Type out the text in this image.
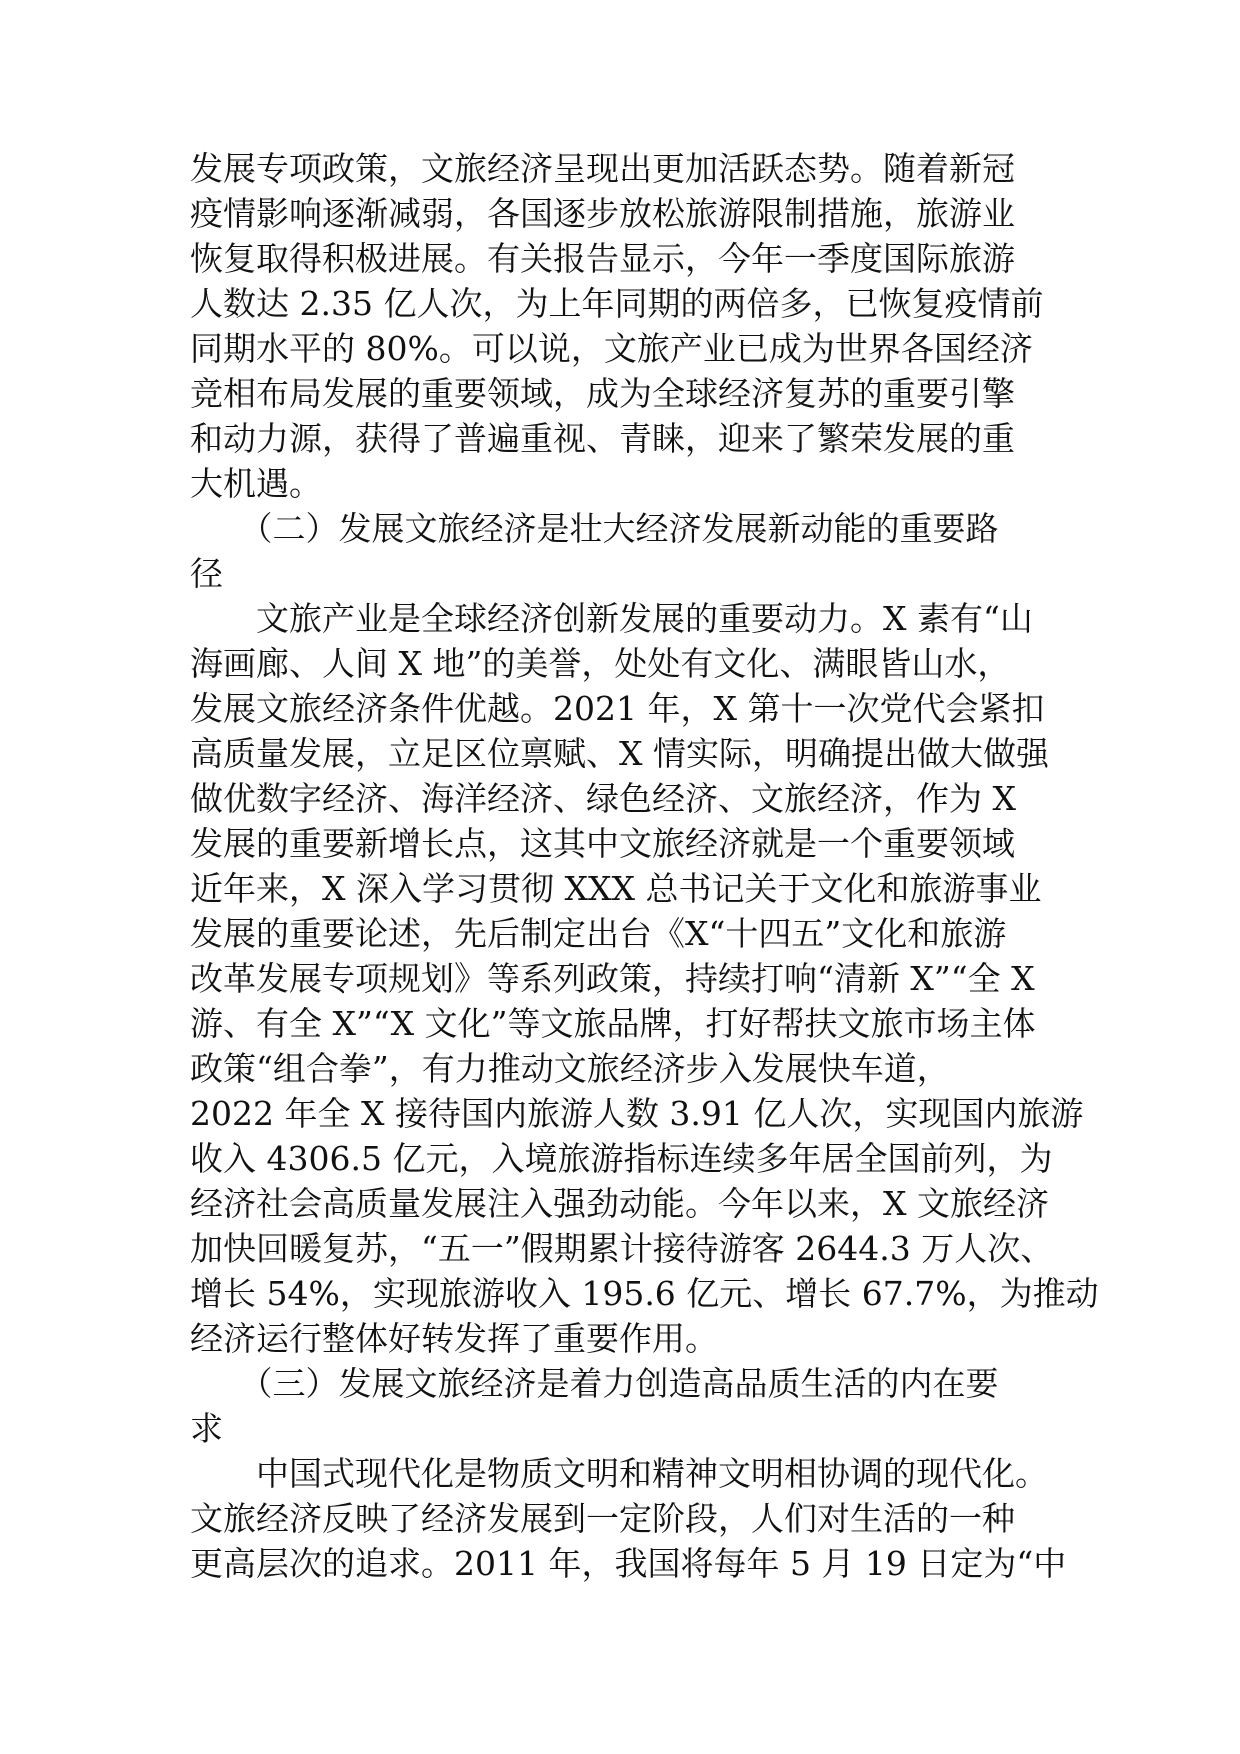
发展专项政策，文旅经济呈现出更加活跃态势。随着新冠
疫情影响逐渐减弱，各国逐步放松旅游限制措施，旅游业
恢复取得积极进展。有关报告显示，今年一季度国际旅游
人数达 2.35 亿人次，为上年同期的两倍多，已恢复疫情前
同期水平的 80%。可以说，文旅产业已成为世界各国经济
竞相布局发展的重要领域，成为全球经济复苏的重要引擎
和动力源，获得了普遍重视、青睐，迎来了繁荣发展的重
大机遇。
　　（二）发展文旅经济是壮大经济发展新动能的重要路
径
　　文旅产业是全球经济创新发展的重要动力。X 素有“山
海画廊、人间 X 地”的美誉，处处有文化、满眼皆山水，
发展文旅经济条件优越。2021 年，X 第十一次党代会紧扣
高质量发展，立足区位禀赋、X 情实际，明确提出做大做强
做优数字经济、海洋经济、绿色经济、文旅经济，作为 X
发展的重要新增长点，这其中文旅经济就是一个重要领域
近年来，X 深入学习贯彻 XXX 总书记关于文化和旅游事业
发展的重要论述，先后制定出台《X“十四五”文化和旅游
改革发展专项规划》等系列政策，持续打响“清新 X”“全 X
游、有全 X”“X 文化”等文旅品牌，打好帮扶文旅市场主体
政策“组合拳”，有力推动文旅经济步入发展快车道，
2022 年全 X 接待国内旅游人数 3.91 亿人次，实现国内旅游
收入 4306.5 亿元，入境旅游指标连续多年居全国前列，为
经济社会高质量发展注入强劲动能。今年以来，X 文旅经济
加快回暖复苏，“五一”假期累计接待游客 2644.3 万人次、
增长 54%，实现旅游收入 195.6 亿元、增长 67.7%，为推动
经济运行整体好转发挥了重要作用。
　　（三）发展文旅经济是着力创造高品质生活的内在要
求
　　中国式现代化是物质文明和精神文明相协调的现代化。
文旅经济反映了经济发展到一定阶段，人们对生活的一种
更高层次的追求。2011 年，我国将每年 5 月 19 日定为“中
